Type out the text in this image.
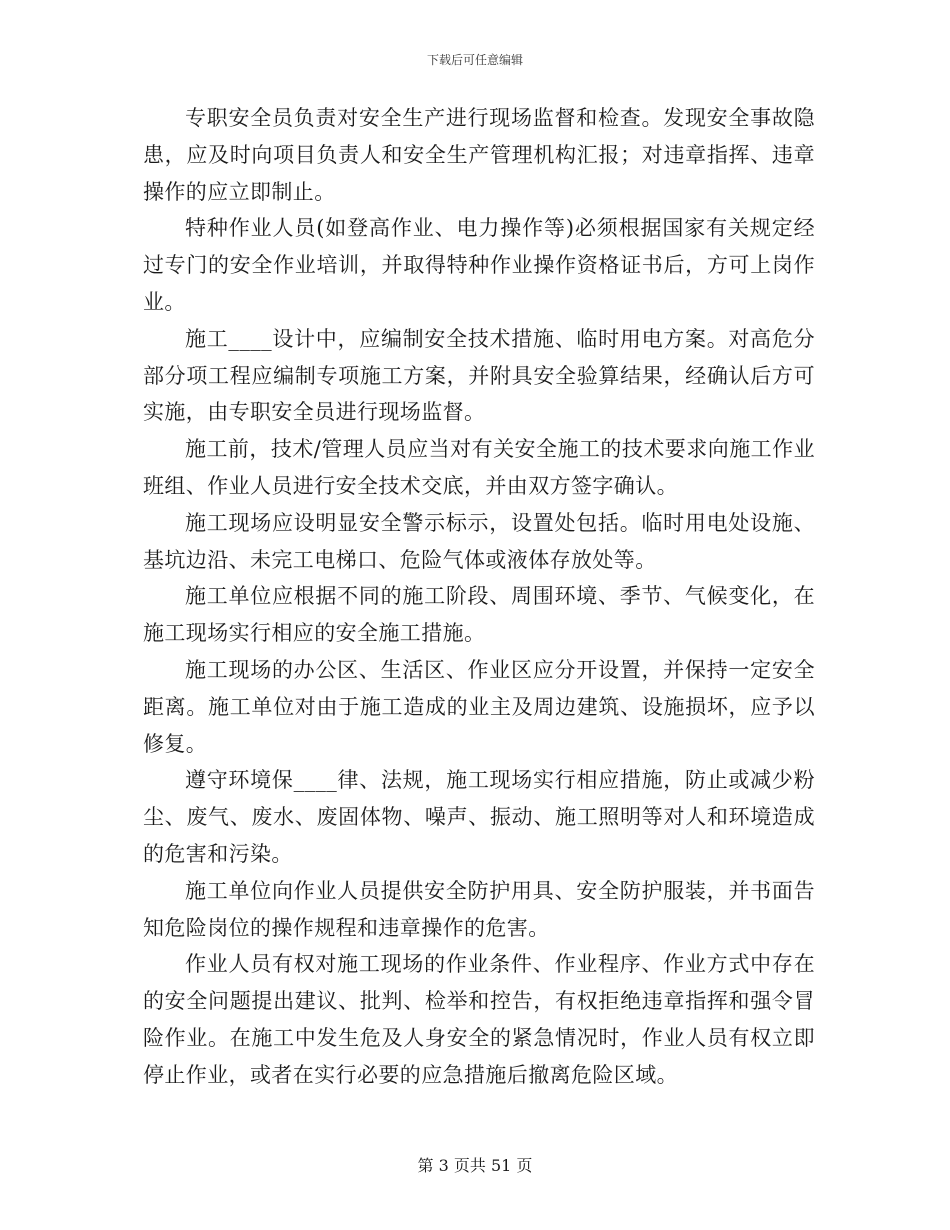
下载后可任意编辑

专职安全员负责对安全生产进行现场监督和检查。发现安全事故隐患，应及时向项目负责人和安全生产管理机构汇报；对违章指挥、违章操作的应立即制止。

特种作业人员(如登高作业、电力操作等)必须根据国家有关规定经过专门的安全作业培训，并取得特种作业操作资格证书后，方可上岗作业。

施工____设计中，应编制安全技术措施、临时用电方案。对高危分部分项工程应编制专项施工方案，并附具安全验算结果，经确认后方可实施，由专职安全员进行现场监督。

施工前，技术/管理人员应当对有关安全施工的技术要求向施工作业班组、作业人员进行安全技术交底，并由双方签字确认。

施工现场应设明显安全警示标示，设置处包括。临时用电处设施、基坑边沿、未完工电梯口、危险气体或液体存放处等。

施工单位应根据不同的施工阶段、周围环境、季节、气候变化，在施工现场实行相应的安全施工措施。

施工现场的办公区、生活区、作业区应分开设置，并保持一定安全距离。施工单位对由于施工造成的业主及周边建筑、设施损坏，应予以修复。

遵守环境保____律、法规，施工现场实行相应措施，防止或减少粉尘、废气、废水、废固体物、噪声、振动、施工照明等对人和环境造成的危害和污染。

施工单位向作业人员提供安全防护用具、安全防护服装，并书面告知危险岗位的操作规程和违章操作的危害。

作业人员有权对施工现场的作业条件、作业程序、作业方式中存在的安全问题提出建议、批判、检举和控告，有权拒绝违章指挥和强令冒险作业。在施工中发生危及人身安全的紧急情况时，作业人员有权立即停止作业，或者在实行必要的应急措施后撤离危险区域。

第 3 页共 51 页
